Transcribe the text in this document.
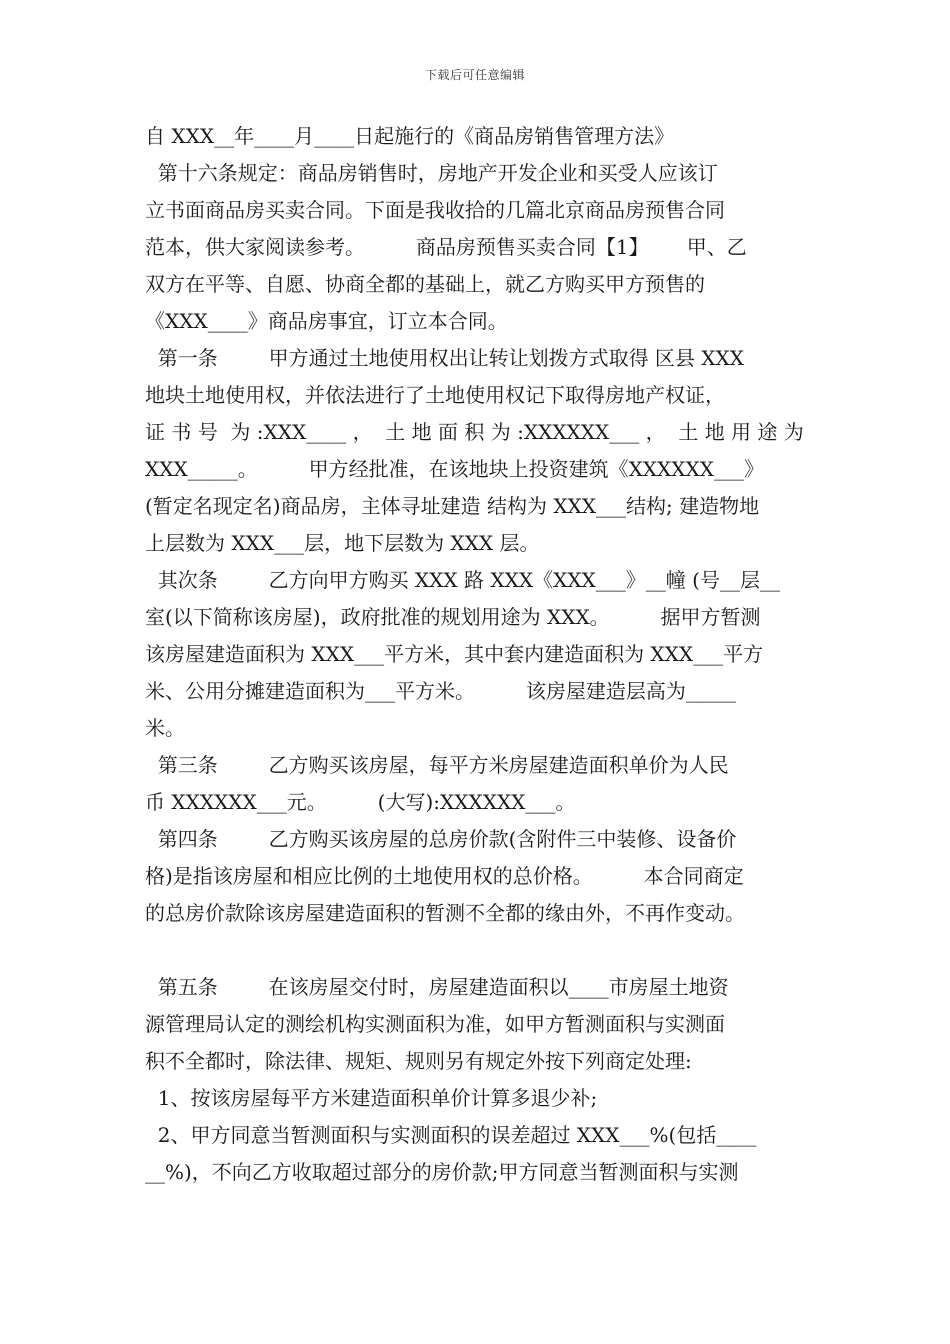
下载后可任意编辑
自 XXX__年____月____日起施行的《商品房销售管理方法》
第十六条规定：商品房销售时，房地产开发企业和买受人应该订
立书面商品房买卖合同。下面是我收拾的几篇北京商品房预售合同
范本，供大家阅读参考。        商品房预售买卖合同【1】      甲、乙
双方在平等、自愿、协商全都的基础上，就乙方购买甲方预售的
《XXX____》商品房事宜，订立本合同。
第一条        甲方通过土地使用权出让转让划拨方式取得 区县 XXX
地块土地使用权，并依法进行了土地使用权记下取得房地产权证，
证 书 号  为 :XXX____ ，  土 地 面 积 为 :XXXXXX___ ，  土 地 用 途 为
XXX_____。        甲方经批准，在该地块上投资建筑《XXXXXX___》
(暂定名现定名)商品房，主体寻址建造 结构为 XXX___结构; 建造物地
上层数为 XXX___层，地下层数为 XXX 层。
其次条        乙方向甲方购买 XXX 路 XXX《XXX___》__幢 (号__层__
室(以下简称该房屋)，政府批准的规划用途为 XXX。        据甲方暂测
该房屋建造面积为 XXX___平方米，其中套内建造面积为 XXX___平方
米、公用分摊建造面积为___平方米。        该房屋建造层高为_____
米。
第三条        乙方购买该房屋，每平方米房屋建造面积单价为人民
币 XXXXXX___元。        (大写):XXXXXX___。
第四条        乙方购买该房屋的总房价款(含附件三中装修、设备价
格)是指该房屋和相应比例的土地使用权的总价格。        本合同商定
的总房价款除该房屋建造面积的暂测不全都的缘由外，不再作变动。
第五条        在该房屋交付时，房屋建造面积以____市房屋土地资
源管理局认定的测绘机构实测面积为准，如甲方暂测面积与实测面
积不全都时，除法律、规矩、规则另有规定外按下列商定处理:
1、按该房屋每平方米建造面积单价计算多退少补;
2、甲方同意当暂测面积与实测面积的误差超过 XXX___%(包括____
__%)，不向乙方收取超过部分的房价款;甲方同意当暂测面积与实测
